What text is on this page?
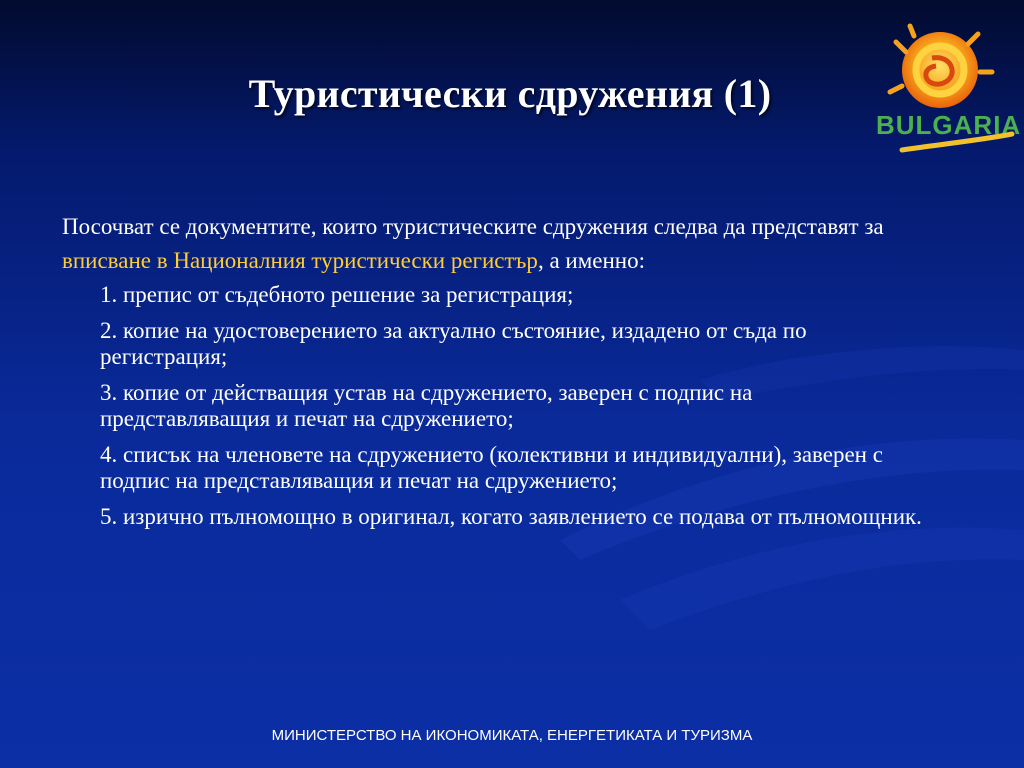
Туристически сдружения (1)
BULGARIA

Посочват се документите, които туристическите сдружения следва да представят за вписване в Националния туристически регистър, а именно:

1. препис от съдебното решение за регистрация;
2. копие на удостоверението за актуално състояние, издадено от съда по регистрация;
3. копие от действащия устав на сдружението, заверен с подпис на представляващия и печат на сдружението;
4. списък на членовете на сдружението (колективни и индивидуални), заверен с подпис на представляващия и печат на сдружението;
5. изрично пълномощно в оригинал, когато заявлението се подава от пълномощник.
МИНИСТЕРСТВО НА ИКОНОМИКАТА, ЕНЕРГЕТИКАТА И ТУРИЗМА
